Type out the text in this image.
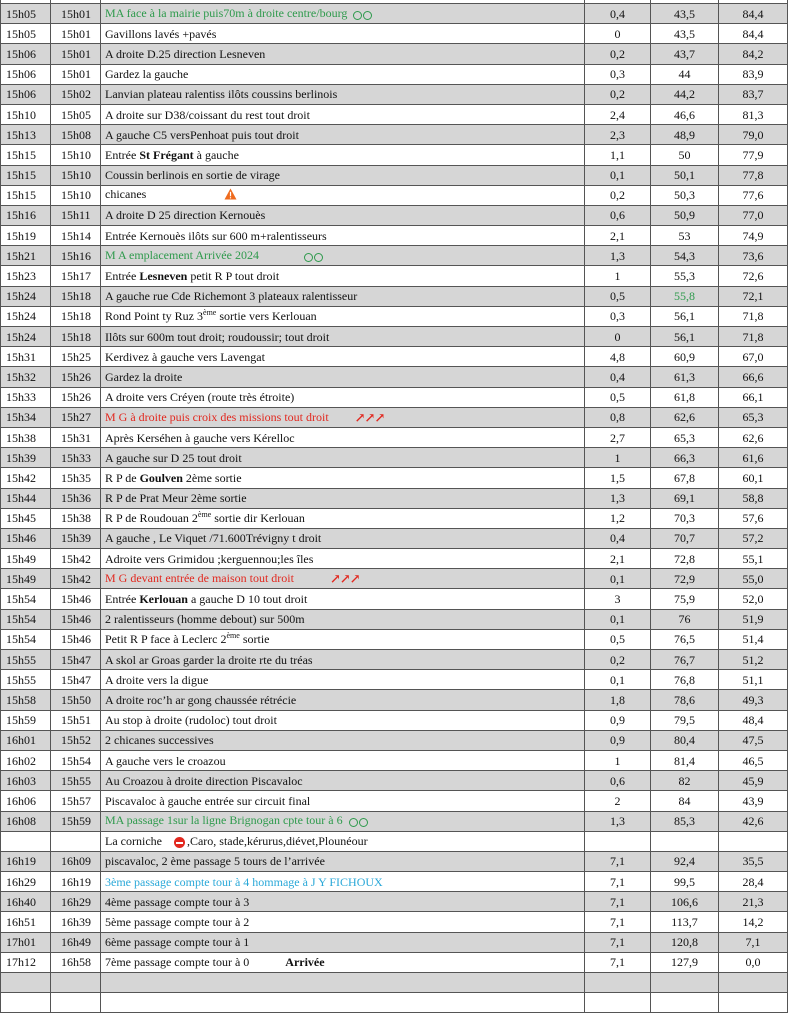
15h05	15h01	MA face à la mairie puis70m à droite centre/bourg	0,4	43,5	84,4
15h05	15h01	Gavillons lavés +pavés	0	43,5	84,4
15h06	15h01	A droite D.25 direction Lesneven	0,2	43,7	84,2
15h06	15h01	Gardez la gauche	0,3	44	83,9
15h06	15h02	Lanvian plateau ralentiss ilôts coussins berlinois	0,2	44,2	83,7
15h10	15h05	A droite sur D38/coissant du rest tout droit	2,4	46,6	81,3
15h13	15h08	A gauche C5 versPenhoat puis tout droit	2,3	48,9	79,0
15h15	15h10	Entrée St Frégant à gauche	1,1	50	77,9
15h15	15h10	Coussin berlinois en sortie de virage	0,1	50,1	77,8
15h15	15h10	chicanes	0,2	50,3	77,6
15h16	15h11	A droite D 25 direction Kernouès	0,6	50,9	77,0
15h19	15h14	Entrée Kernouès ilôts sur 600 m+ralentisseurs	2,1	53	74,9
15h21	15h16	M A emplacement Arrivée 2024	1,3	54,3	73,6
15h23	15h17	Entrée Lesneven petit R P tout droit	1	55,3	72,6
15h24	15h18	A gauche rue Cde Richemont 3 plateaux ralentisseur	0,5	55,8	72,1
15h24	15h18	Rond Point ty Ruz 3ème sortie vers Kerlouan	0,3	56,1	71,8
15h24	15h18	Ilôts sur 600m tout droit; roudoussir; tout droit	0	56,1	71,8
15h31	15h25	Kerdivez à gauche vers Lavengat	4,8	60,9	67,0
15h32	15h26	Gardez la droite	0,4	61,3	66,6
15h33	15h26	A droite vers Créyen (route très étroite)	0,5	61,8	66,1
15h34	15h27	M G à droite puis croix des missions tout droit ↗↗↗	0,8	62,6	65,3
15h38	15h31	Après Kerséhen à gauche vers Kérelloc	2,7	65,3	62,6
15h39	15h33	A gauche sur D 25 tout droit	1	66,3	61,6
15h42	15h35	R P de Goulven 2ème sortie	1,5	67,8	60,1
15h44	15h36	R P de Prat Meur 2ème sortie	1,3	69,1	58,8
15h45	15h38	R P de Roudouan 2ème sortie dir Kerlouan	1,2	70,3	57,6
15h46	15h39	A gauche , Le Viquet /71.600Trévigny t droit	0,4	70,7	57,2
15h49	15h42	Adroite vers Grimidou ;kerguennou;les îles	2,1	72,8	55,1
15h49	15h42	M G devant entrée de maison tout droit ↗↗↗	0,1	72,9	55,0
15h54	15h46	Entrée Kerlouan a gauche D 10 tout droit	3	75,9	52,0
15h54	15h46	2 ralentisseurs (homme debout) sur 500m	0,1	76	51,9
15h54	15h46	Petit R P face à Leclerc 2ème sortie	0,5	76,5	51,4
15h55	15h47	A skol ar Groas garder la droite rte du tréas	0,2	76,7	51,2
15h55	15h47	A droite vers la digue	0,1	76,8	51,1
15h58	15h50	A droite roc’h ar gong chaussée rétrécie	1,8	78,6	49,3
15h59	15h51	Au stop à droite (rudoloc) tout droit	0,9	79,5	48,4
16h01	15h52	2 chicanes successives	0,9	80,4	47,5
16h02	15h54	A gauche vers le croazou	1	81,4	46,5
16h03	15h55	Au Croazou à droite direction Piscavaloc	0,6	82	45,9
16h06	15h57	Piscavaloc à gauche entrée sur circuit final	2	84	43,9
16h08	15h59	MA passage 1sur la ligne Brignogan cpte tour à 6	1,3	85,3	42,6
		La corniche ,Caro, stade,kérurus,diévet,Plounéour			
16h19	16h09	piscavaloc, 2 ème passage 5 tours de l’arrivée	7,1	92,4	35,5
16h29	16h19	3ème passage compte tour à 4 hommage à J Y FICHOUX	7,1	99,5	28,4
16h40	16h29	4ème passage compte tour à 3	7,1	106,6	21,3
16h51	16h39	5ème passage compte tour à 2	7,1	113,7	14,2
17h01	16h49	6ème passage compte tour à 1	7,1	120,8	7,1
17h12	16h58	7ème passage compte tour à 0 Arrivée	7,1	127,9	0,0
